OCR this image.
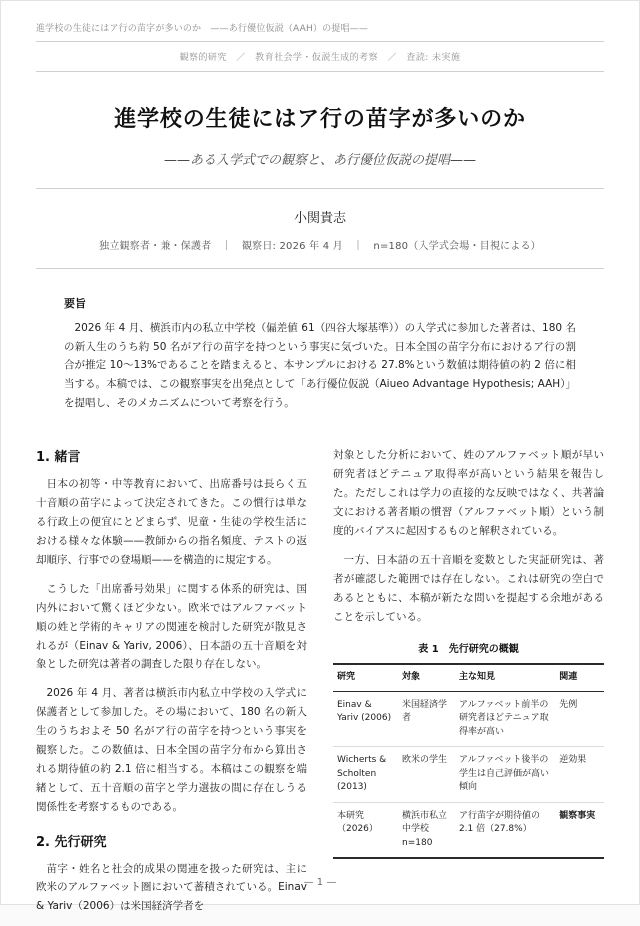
進学校の生徒にはア行の苗字が多いのか　——あ行優位仮説（AAH）の提唱——
観察的研究　／　教育社会学・仮説生成的考察　／　査読: 未実施
進学校の生徒にはア行の苗字が多いのか
——ある入学式での観察と、あ行優位仮説の提唱——
小関貴志
独立観察者・兼・保護者　｜　観察日: 2026 年 4 月　｜　n=180（入学式会場・目視による）
要旨

2026 年 4 月、横浜市内の私立中学校（偏差値 61（四谷大塚基準））の入学式に参加した著者は、180 名の新入生のうち約 50 名がア行の苗字を持つという事実に気づいた。日本全国の苗字分布におけるア行の割合が推定 10〜13%であることを踏まえると、本サンプルにおける 27.8%という数値は期待値の約 2 倍に相当する。本稿では、この観察事実を出発点として「あ行優位仮説（Aiueo Advantage Hypothesis; AAH）」を提唱し、そのメカニズムについて考察を行う。

1. 緒言

日本の初等・中等教育において、出席番号は長らく五十音順の苗字によって決定されてきた。この慣行は単なる行政上の便宜にとどまらず、児童・生徒の学校生活における様々な体験——教師からの指名頻度、テストの返却順序、行事での登場順——を構造的に規定する。

こうした「出席番号効果」に関する体系的研究は、国内外において驚くほど少ない。欧米ではアルファベット順の姓と学術的キャリアの関連を検討した研究が散見されるが（Einav & Yariv, 2006）、日本語の五十音順を対象とした研究は著者の調査した限り存在しない。

2026 年 4 月、著者は横浜市内私立中学校の入学式に保護者として参加した。その場において、180 名の新入生のうちおよそ 50 名がア行の苗字を持つという事実を観察した。この数値は、日本全国の苗字分布から算出される期待値の約 2.1 倍に相当する。本稿はこの観察を端緒として、五十音順の苗字と学力選抜の間に存在しうる関係性を考察するものである。

2. 先行研究

苗字・姓名と社会的成果の関連を扱った研究は、主に欧米のアルファベット圏において蓄積されている。Einav & Yariv（2006）は米国経済学者を

対象とした分析において、姓のアルファベット順が早い研究者ほどテニュア取得率が高いという結果を報告した。ただしこれは学力の直接的な反映ではなく、共著論文における著者順の慣習（アルファベット順）という制度的バイアスに起因するものと解釈されている。

一方、日本語の五十音順を変数とした実証研究は、著者が確認した範囲では存在しない。これは研究の空白であるとともに、本稿が新たな問いを提起する余地があることを示している。

表 1　先行研究の概観
研究	対象	主な知見	関連
Einav & Yariv (2006)	米国経済学者	アルファベット前半の研究者ほどテニュア取得率が高い	先例
Wicherts & Scholten (2013)	欧米の学生	アルファベット後半の学生は自己評価が高い傾向	逆効果
本研究（2026）	横浜市私立中学校 n=180	ア行苗字が期待値の 2.1 倍（27.8%）	観察事実
— 1 —
